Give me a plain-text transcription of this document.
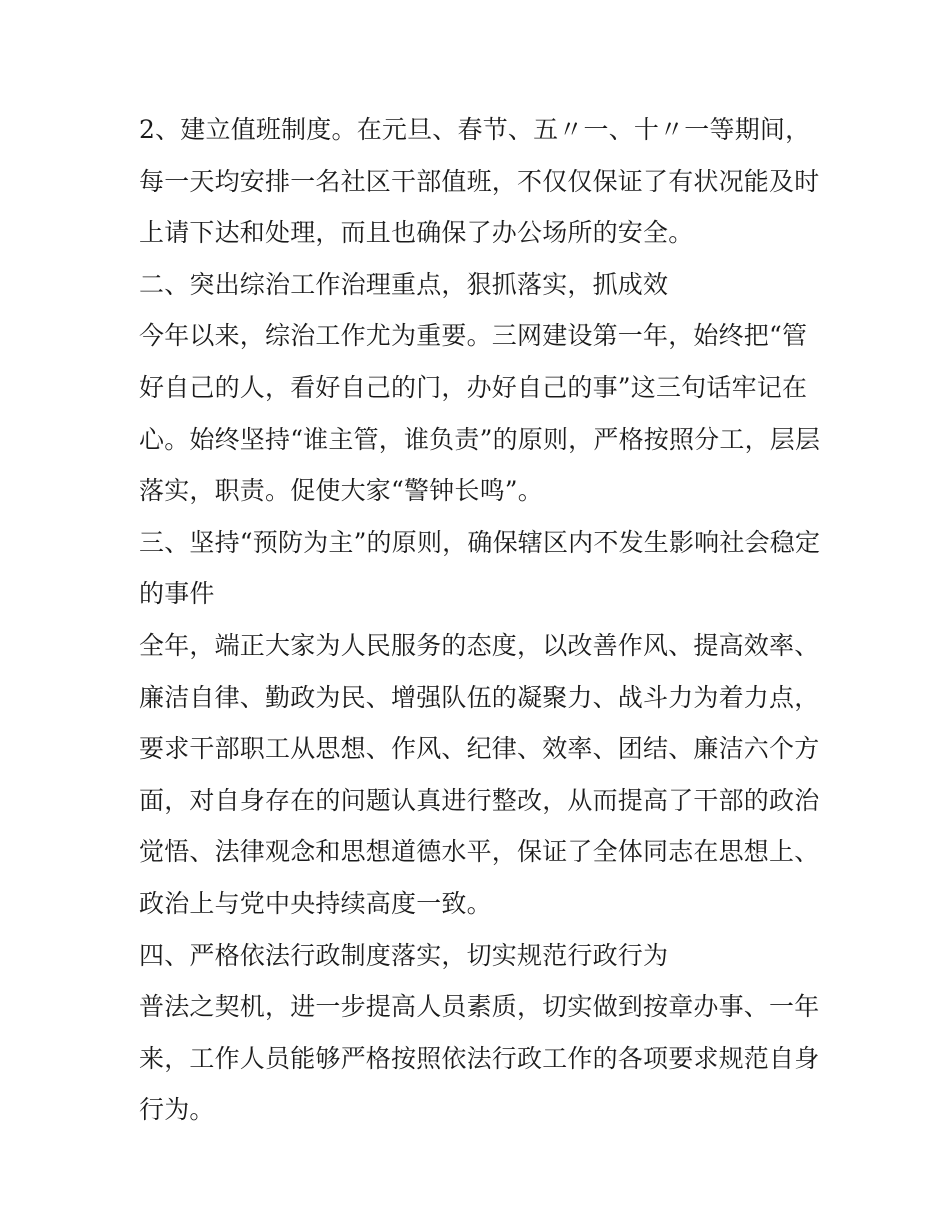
2、建立值班制度。在元旦、春节、五〃一、十〃一等期间，
每一天均安排一名社区干部值班，不仅仅保证了有状况能及时
上请下达和处理，而且也确保了办公场所的安全。
二、突出综治工作治理重点，狠抓落实，抓成效
今年以来，综治工作尤为重要。三网建设第一年，始终把“管
好自己的人，看好自己的门，办好自己的事”这三句话牢记在
心。始终坚持“谁主管，谁负责”的原则，严格按照分工，层层
落实，职责。促使大家“警钟长鸣”。
三、坚持“预防为主”的原则，确保辖区内不发生影响社会稳定
的事件
全年，端正大家为人民服务的态度，以改善作风、提高效率、
廉洁自律、勤政为民、增强队伍的凝聚力、战斗力为着力点，
要求干部职工从思想、作风、纪律、效率、团结、廉洁六个方
面，对自身存在的问题认真进行整改，从而提高了干部的政治
觉悟、法律观念和思想道德水平，保证了全体同志在思想上、
政治上与党中央持续高度一致。
四、严格依法行政制度落实，切实规范行政行为
普法之契机，进一步提高人员素质，切实做到按章办事、一年
来，工作人员能够严格按照依法行政工作的各项要求规范自身
行为。
